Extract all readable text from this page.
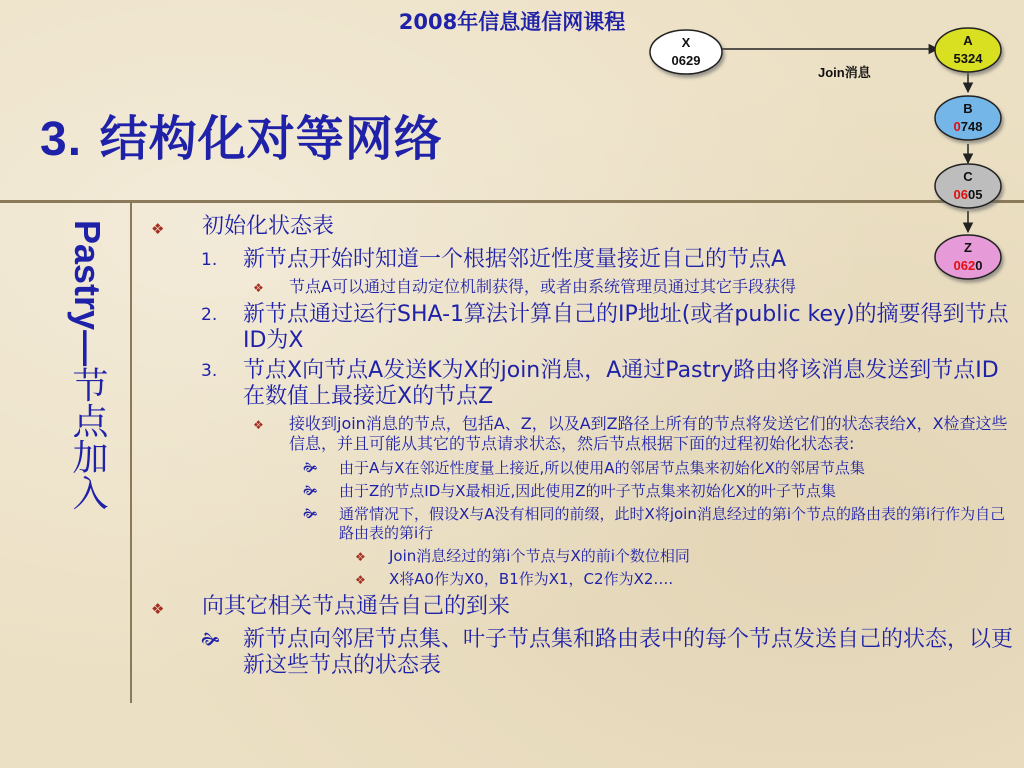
2008年信息通信网课程
3. 结构化对等网络
Pastry—节点加入
Join消息
X
0629
A
5324
B
0748
C
0605
Z
0620
❖ 初始化状态表
1. 新节点开始时知道一个根据邻近性度量接近自己的节点A
❖ 节点A可以通过自动定位机制获得，或者由系统管理员通过其它手段获得
2. 新节点通过运行SHA-1算法计算自己的IP地址(或者public key)的摘要得到节点ID为X
3. 节点X向节点A发送K为X的join消息，A通过Pastry路由将该消息发送到节点ID在数值上最接近X的节点Z
❖ 接收到join消息的节点，包括A、Z，以及A到Z路径上所有的节点将发送它们的状态表给X，X检查这些信息，并且可能从其它的节点请求状态，然后节点根据下面的过程初始化状态表:
🙞 由于A与X在邻近性度量上接近,所以使用A的邻居节点集来初始化X的邻居节点集
🙞 由于Z的节点ID与X最相近,因此使用Z的叶子节点集来初始化X的叶子节点集
🙞 通常情况下，假设X与A没有相同的前缀，此时X将join消息经过的第i个节点的路由表的第i行作为自己路由表的第i行
❖ Join消息经过的第i个节点与X的前i个数位相同
❖ X将A0作为X0，B1作为X1，C2作为X2….
❖ 向其它相关节点通告自己的到来
🙞 新节点向邻居节点集、叶子节点集和路由表中的每个节点发送自己的状态，以更新这些节点的状态表
